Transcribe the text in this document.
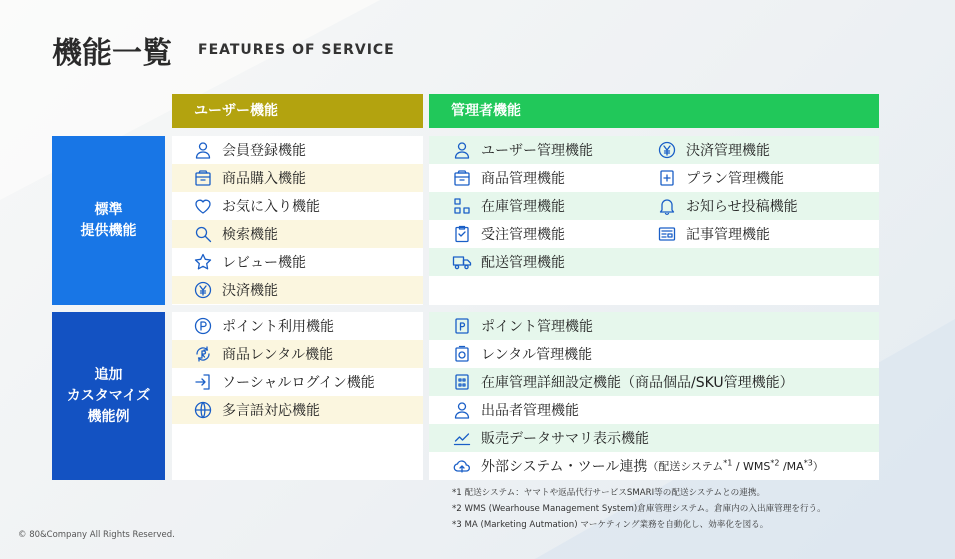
機能一覧 FEATURES OF SERVICE
ユーザー機能	管理者機能
標準
提供機能
追加
カスタマイズ
機能例
会員登録機能
商品購入機能
お気に入り機能
検索機能
レビュー機能
決済機能
ユーザー管理機能
商品管理機能
在庫管理機能
受注管理機能
配送管理機能
決済管理機能
プラン管理機能
お知らせ投稿機能
記事管理機能
ポイント利用機能
商品レンタル機能
ソーシャルログイン機能
多言語対応機能
ポイント管理機能
レンタル管理機能
在庫管理詳細設定機能（商品個品/SKU管理機能）
出品者管理機能
販売データサマリ表示機能
外部システム・ツール連携 （配送システム$^{*1}$ / WMS$^{*2}$ /MA$^{*3}$）
*1 配送システム：ヤマトや返品代行サービスSMARI等の配送システムとの連携。
*2 WMS (Wearhouse Management System)倉庫管理システム。倉庫内の入出庫管理を行う。
*3 MA (Marketing Autmation) マーケティング業務を自動化し、効率化を図る。
© 80&Company All Rights Reserved.
